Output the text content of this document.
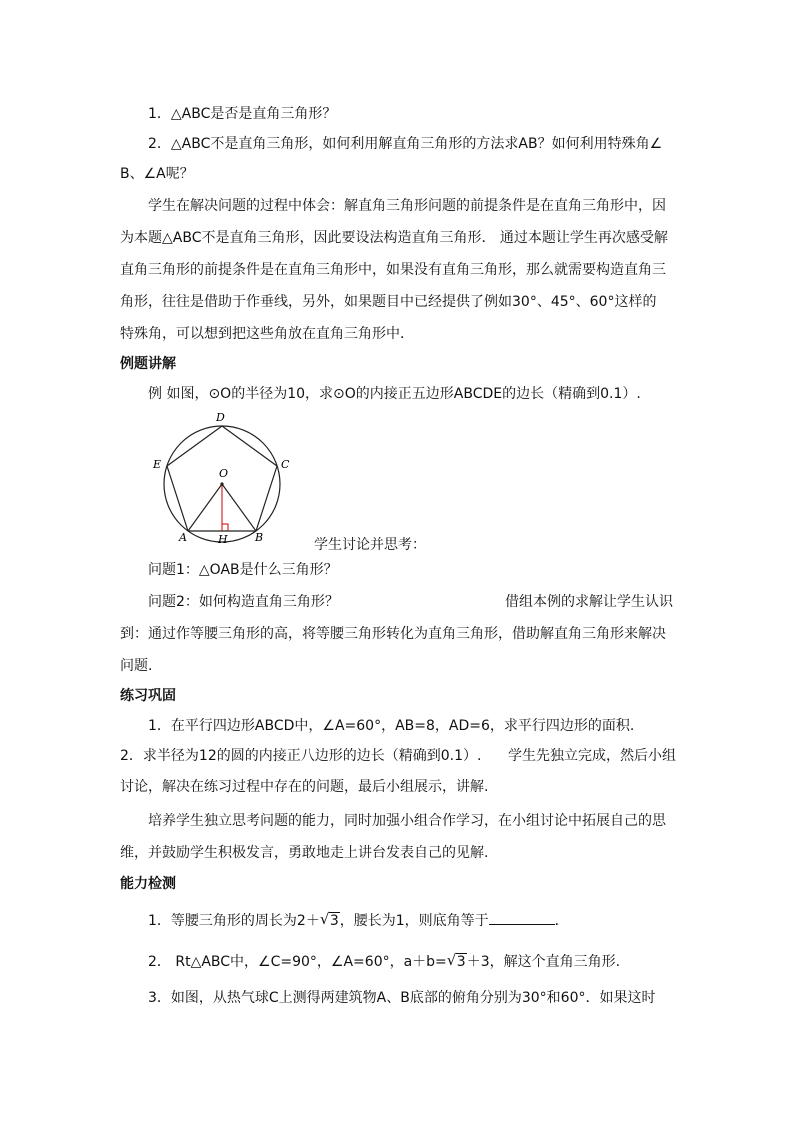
1．△ABC是否是直角三角形？
2．△ABC不是直角三角形，如何利用解直角三角形的方法求AB？如何利用特殊角∠
B、∠A呢？
学生在解决问题的过程中体会：解直角三角形问题的前提条件是在直角三角形中，因
为本题△ABC不是直角三角形，因此要设法构造直角三角形． 通过本题让学生再次感受解
直角三角形的前提条件是在直角三角形中，如果没有直角三角形，那么就需要构造直角三
角形，往往是借助于作垂线，另外，如果题目中已经提供了例如30°、45°、60°这样的
特殊角，可以想到把这些角放在直角三角形中．
例题讲解
例 如图，⊙O的半径为10，求⊙O的内接正五边形ABCDE的边长（精确到0.1）.
D
E	C
O
A	H B	学生讨论并思考：
问题1：△OAB是什么三角形？
问题2：如何构造直角三角形？	借组本例的求解让学生认识
到：通过作等腰三角形的高，将等腰三角形转化为直角三角形，借助解直角三角形来解决
问题.
练习巩固
1．在平行四边形ABCD中，∠A=60°，AB=8，AD=6，求平行四边形的面积.
2．求半径为12的圆的内接正八边形的边长（精确到0.1）. 学生先独立完成，然后小组
讨论，解决在练习过程中存在的问题，最后小组展示，讲解.
培养学生独立思考问题的能力，同时加强小组合作学习，在小组讨论中拓展自己的思
维，并鼓励学生积极发言，勇敢地走上讲台发表自己的见解.
能力检测
1．等腰三角形的周长为2＋ √ 3，腰长为1，则底角等于	．
2． Rt△ABC中，∠C=90°，∠A=60°，a＋b= √ 3＋3，解这个直角三角形.
3．如图，从热气球C上测得两建筑物A、B底部的俯角分别为30°和60°．如果这时
